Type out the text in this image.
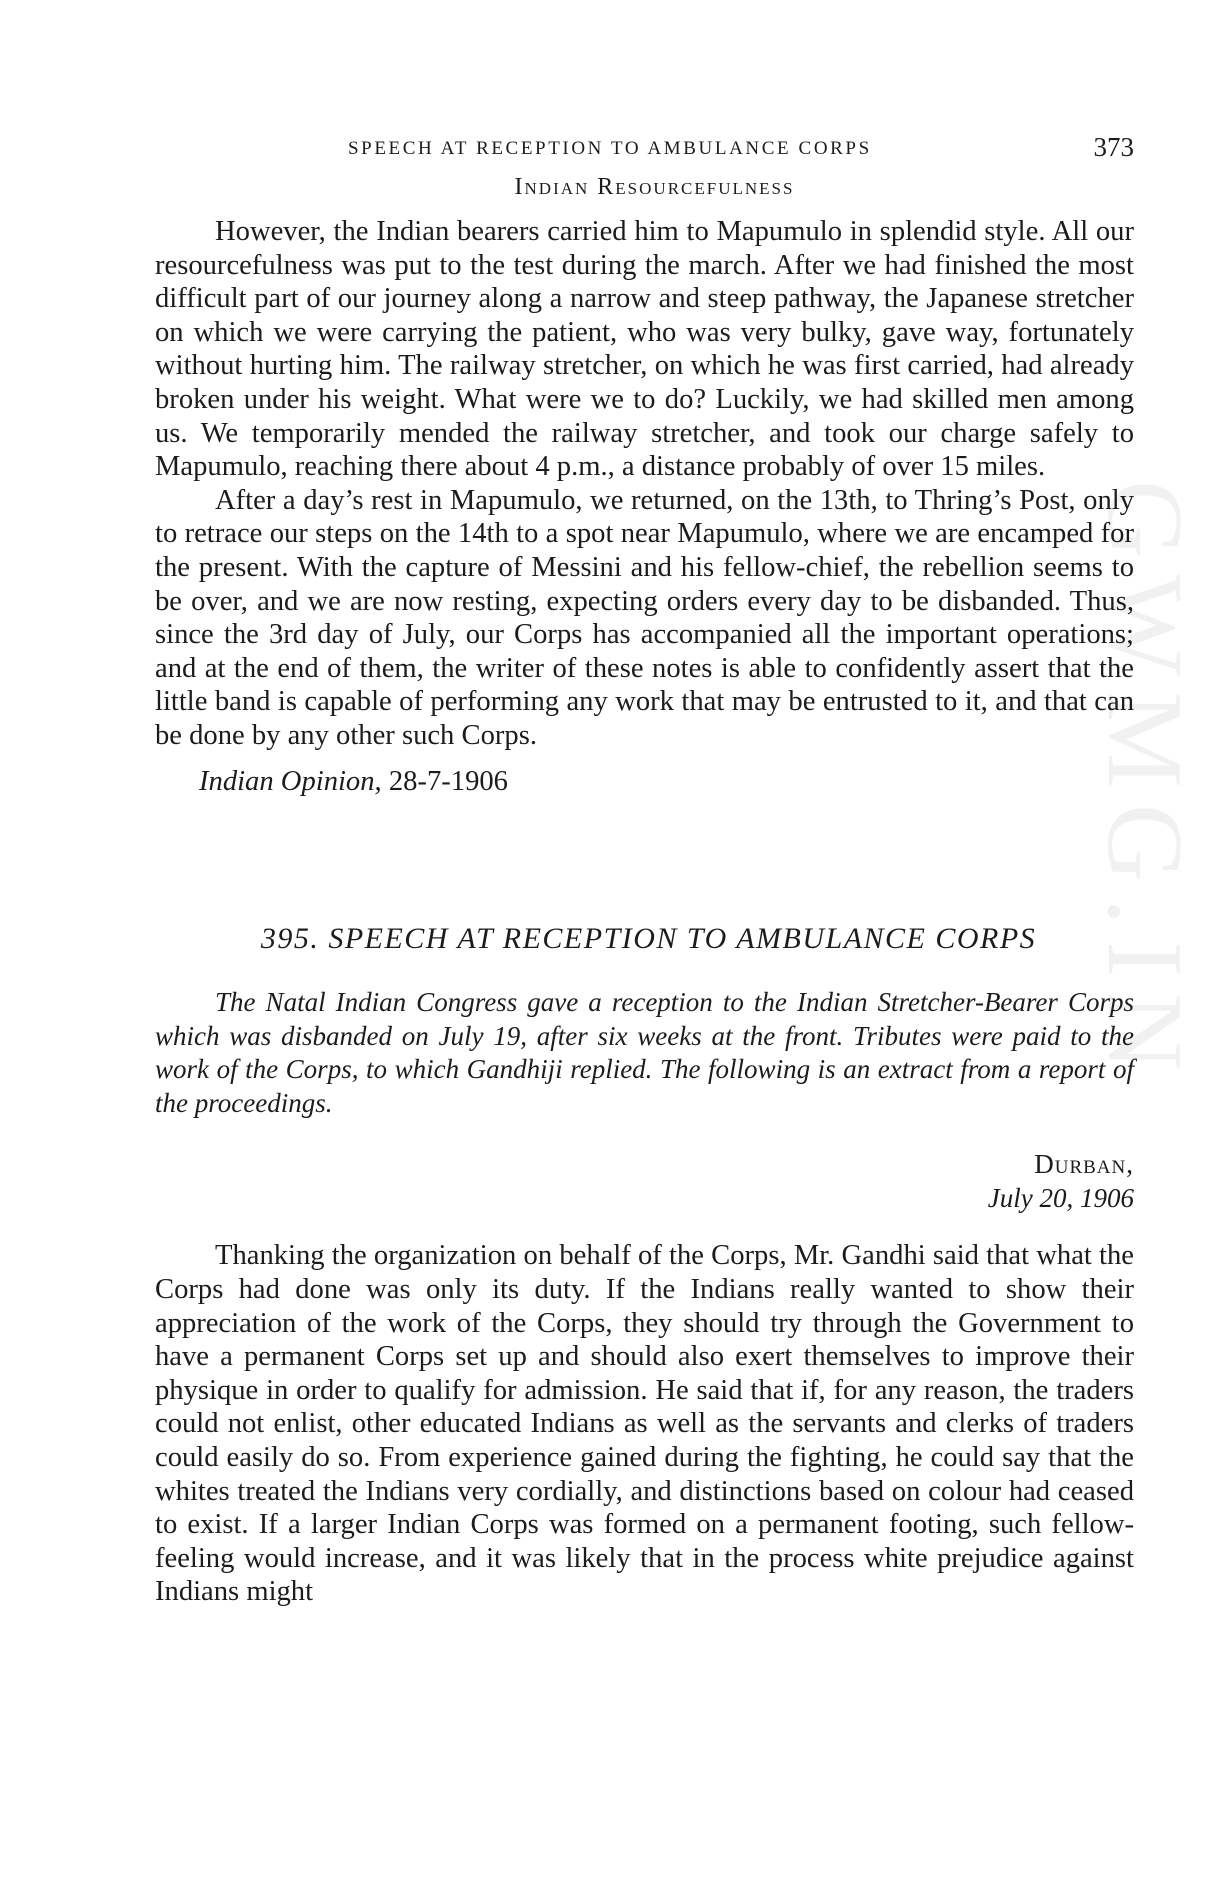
GWMG.IN
SPEECH AT RECEPTION TO AMBULANCE CORPS	373
Indian Resourcefulness

However, the Indian bearers carried him to Mapumulo in splendid style. All our resourcefulness was put to the test during the march. After we had finished the most difficult part of our journey along a narrow and steep pathway, the Japanese stretcher on which we were carrying the patient, who was very bulky, gave way, fortunately without hurting him. The railway stretcher, on which he was first carried, had already broken under his weight. What were we to do? Luckily, we had skilled men among us. We temporarily mended the railway stretcher, and took our charge safely to Mapumulo, reaching there about 4 p.m., a distance probably of over 15 miles.

After a day’s rest in Mapumulo, we returned, on the 13th, to Thring’s Post, only to retrace our steps on the 14th to a spot near Mapumulo, where we are encamped for the present. With the capture of Messini and his fellow-chief, the rebellion seems to be over, and we are now resting, expecting orders every day to be disbanded. Thus, since the 3rd day of July, our Corps has accompanied all the important operations; and at the end of them, the writer of these notes is able to confidently assert that the little band is capable of performing any work that may be entrusted to it, and that can be done by any other such Corps.

Indian Opinion, 28-7-1906
395. SPEECH AT RECEPTION TO AMBULANCE CORPS

The Natal Indian Congress gave a reception to the Indian Stretcher-Bearer Corps which was disbanded on July 19, after six weeks at the front. Tributes were paid to the work of the Corps, to which Gandhiji replied. The following is an extract from a report of the proceedings.

Durban,
July 20, 1906

Thanking the organization on behalf of the Corps, Mr. Gandhi said that what the Corps had done was only its duty. If the Indians really wanted to show their appreciation of the work of the Corps, they should try through the Government to have a permanent Corps set up and should also exert themselves to improve their physique in order to qualify for admission. He said that if, for any reason, the traders could not enlist, other educated Indians as well as the servants and clerks of traders could easily do so. From experience gained during the fighting, he could say that the whites treated the Indians very cordially, and distinctions based on colour had ceased to exist. If a larger Indian Corps was formed on a permanent footing, such fellow-feeling would increase, and it was likely that in the process white prejudice against Indians might
